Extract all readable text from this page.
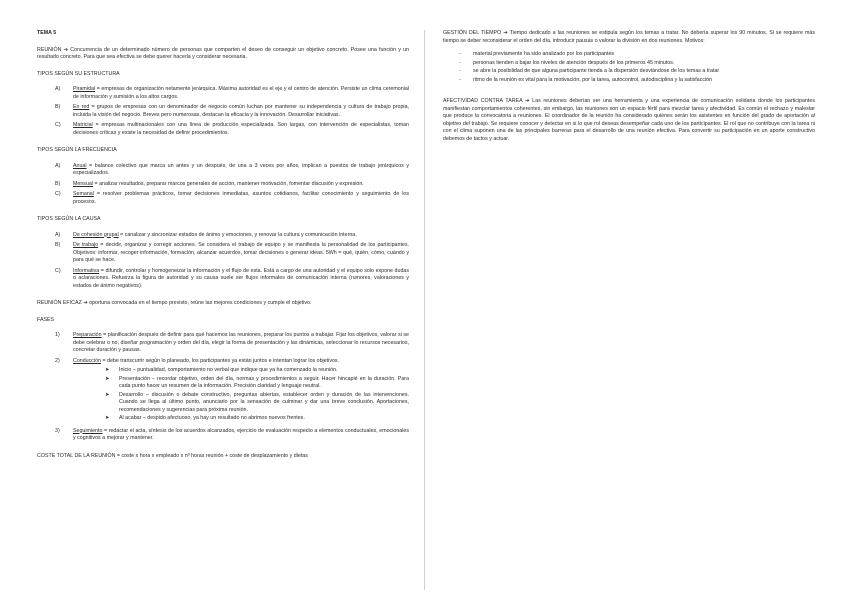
TEMA 5

REUNIÓN ➔ Concurrencia de un determinado número de personas que comparten el deseo de conseguir un objetivo concreto. Posee una función y un resultado concreto. Para que sea efectiva se debe querer hacerla y considerar necesaria.

TIPOS SEGÚN SU ESTRUCTURA

A)	Piramidal = empresas de organización netamente jerárquica. Máxima autoridad es el eje y el centro de atención. Persiste un clima ceremonial de información y sumisión a los altos cargos.
B)	En red = grupos de empresas con un denominador de negocio común luchan por mantener su independencia y cultura de trabajo propia, incluida la visión del negocio. Breves pero numerosas, destacan la eficacia y la innovación. Desarrollar iniciativas.
C)	Matricial = empresas multinacionales con una línea de producción especializada. Son largas, con intervención de especialistas, toman decisiones críticas y existe la necesidad de definir procedimientos.

TIPOS SEGÚN LA FRECUENCIA

A)	Anual = balance colectivo que marca un antes y un después, de una a 3 veces por años, implican a puestos de trabajo jerárquicos y especializados.
B)	Mensual = analizar resultados, preparar marcos generales de acción, mantener motivación, fomentar discusión y expresión.
C)	Semanal = resolver problemas prácticos, tomar decisiones inmediatas, asuntos cotidianos, facilitar conocimiento y seguimiento de los procesos.

TIPOS SEGÚN LA CAUSA

A)	De cohesión grupal = canalizar y sincronizar estados de ánimo y emociones, y renovar la cultura y comunicación interna.
B)	De trabajo = decidir, organizar y corregir acciones. Se considera el trabajo de equipo y se manifiesta la personalidad de los participantes. Objetivos: informar, recoger información, formación, alcanzar acuerdos, tomar decisiones o generar ideas. 5Wh = qué, quién, cómo, cuándo y para qué se hace.
C)	Informativa = difundir, controlar y homogeneizar la información y el flujo de esta. Está a cargo de una autoridad y el equipo solo expone dudas o aclaraciones. Refuerza la figura de autoridad y su causa suele ser flujos informales de comunicación interna (rumores, valoraciones y estados de ánimo negativos).

REUNIÓN EFICAZ ➔ oportuna convocada en el tiempo previsto, reúne las mejores condiciones y cumple el objetivo.

FASES

1)	Preparación = planificación después de definir para qué hacemos las reuniones, preparar los puntos a trabajar. Fijar los objetivos, valorar si se debe celebrar o no, diseñar programación y orden del día, elegir la forma de presentación y las dinámicas, seleccionar lo recursos necesarios, concretar duración y pausas.
2)	Conducción = debe transcurrir según lo planeado, los participantes ya están juntos e intentan lograr los objetivos.
➤	Inicio – puntualidad, comportamiento no verbal que indique que ya ha comenzado la reunión.
➤	Presentación – recordar objetivo, orden del día, normas y procedimientos a seguir. Hacer hincapié en la duración. Para cada punto hacer un resumen de la información. Precisión claridad y lenguaje neutral.
➤	Desarrollo – discusión o debate constructivo, preguntas abiertas, establecer orden y duración de las intervenciones. Cuando se llega al último punto, anunciarlo por la sensación de culminar y dar una breve conclusión. Aportaciones, recomendaciones y sugerencias para próxima reunión.
➤	Al acabar – despido afectuoso, ya hay un resultado no abrimos nuevos frentes.
3)	Seguimiento = redactar el acta, síntesis de los acuerdos alcanzados, ejercicio de evaluación respecto a elementos conductuales, emocionales y cognitivos a mejorar y mantener.

COSTE TOTAL DE LA REUNIÓN = coste x hora x empleado x nº horas reunión + coste de desplazamiento y dietas

GESTIÓN DEL TIEMPO ➔ Tiempo dedicado a las reuniones se estipula según los temas a tratar. No debería superar los 90 minutos. Si se requiere más tiempo se deber reconsiderar el orden del día, introducir pausas o valorar la división en dos reuniones. Motivos:

-	material previamente ha sido analizado por los participantes
-	personas tienden a bajar los niveles de atención después de los primeros 45 minutos.
-	se abre la posibilidad de que alguna participante tienda a la dispersión desviándose de los temas a tratar
-	ritmo de la reunión es vital para la motivación, por la tarea, autocontrol, autodisciplina y la satisfacción

AFECTIVIDAD CONTRA TAREA ➔ Las reuniones deberían ser una herramienta y una experiencia de comunicación solidaria donde los participantes manifiestan comportamientos coherentes, sin embargo, las reuniones son un espacio fértil para mezclar tarea y afectividad. Es común el rechazo y malestar que produce la convocatoria a reuniones. El coordinador de la reunión ha considerado quiénes serán los asistentes en función del grado de aportación al objetivo del trabajo. Se requiere conocer y detectar en si lo que rol deseas desempeñar cada uno de los participantes. El rol que no contribuye con la tarea ni con el clima suponen una de las principales barreras para el desarrollo de una reunión efectiva. Para convertir su participación en un aporte constructivo debemos de tactos y actuar.
